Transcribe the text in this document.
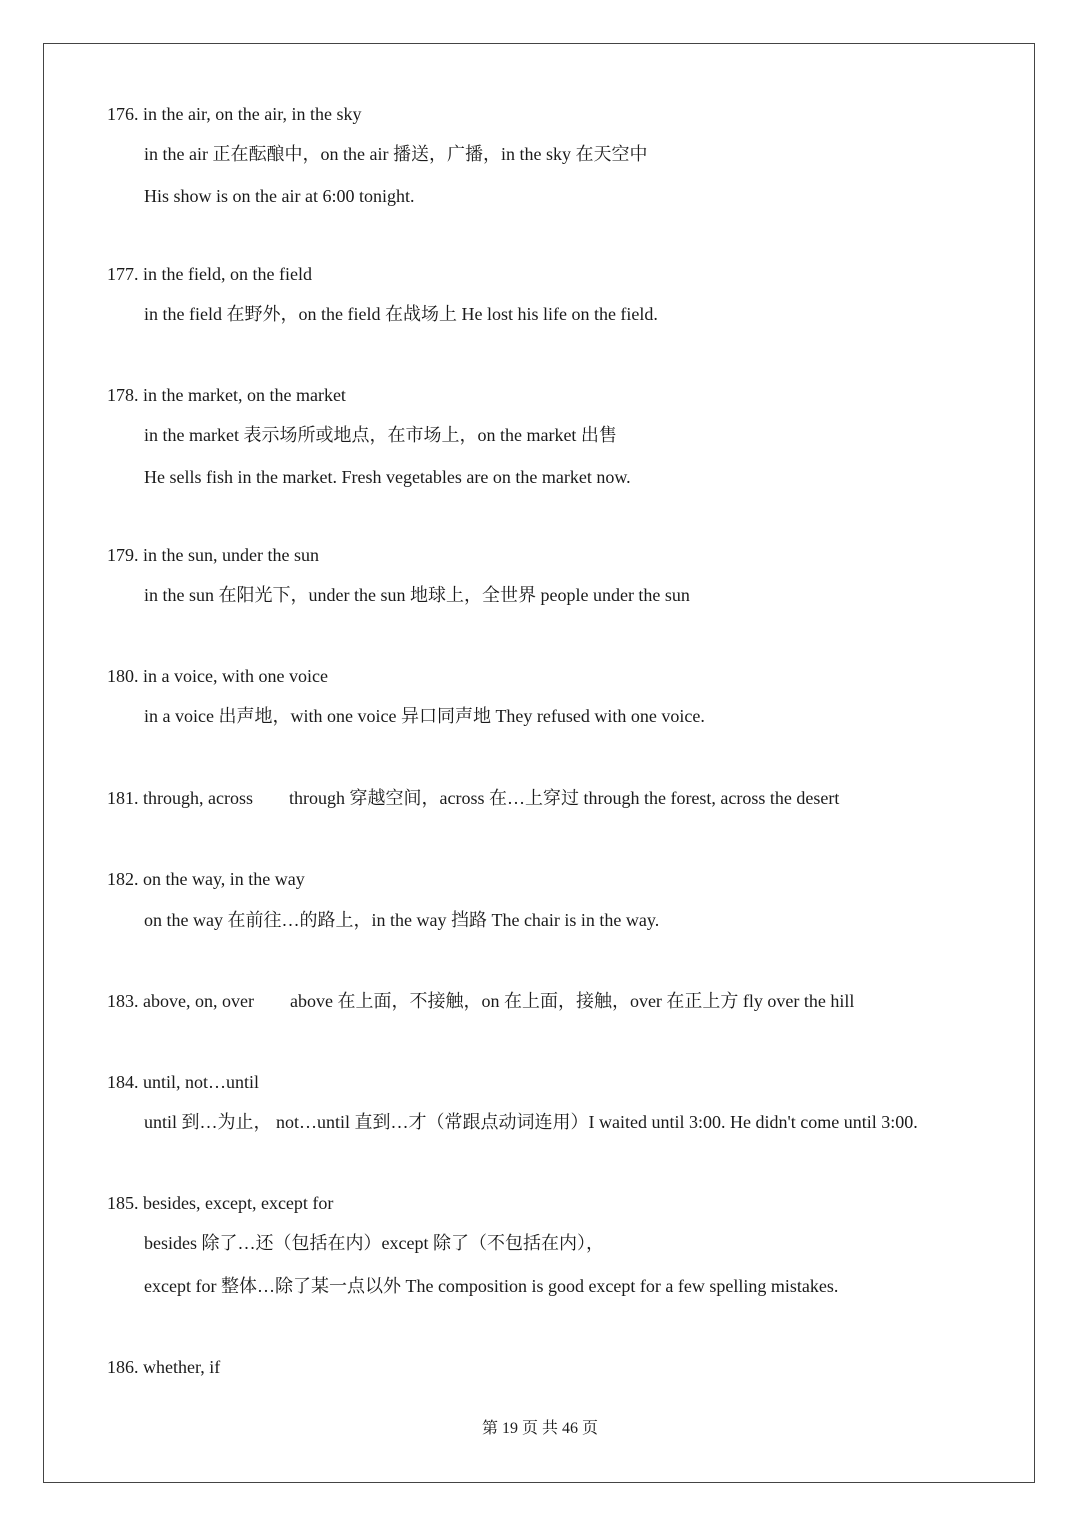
176. in the air, on the air, in the sky
in the air 正在酝酿中，on the air 播送，广播，in the sky 在天空中
His show is on the air at 6:00 tonight.
177. in the field, on the field
in the field 在野外，on the field 在战场上 He lost his life on the field.
178. in the market, on the market
in the market 表示场所或地点，在市场上，on the market 出售
He sells fish in the market. Fresh vegetables are on the market now.
179. in the sun, under the sun
in the sun 在阳光下，under the sun 地球上，全世界 people under the sun
180. in a voice, with one voice
in a voice 出声地，with one voice 异口同声地 They refused with one voice.
181. through, across through 穿越空间，across 在…上穿过 through the forest, across the desert
182. on the way, in the way
on the way 在前往…的路上，in the way 挡路 The chair is in the way.
183. above, on, over above 在上面，不接触，on 在上面，接触，over 在正上方 fly over the hill
184. until, not…until
until 到…为止， not…until 直到…才（常跟点动词连用）I waited until 3:00. He didn't come until 3:00.
185. besides, except, except for
besides 除了…还（包括在内）except 除了（不包括在内），
except for 整体…除了某一点以外 The composition is good except for a few spelling mistakes.
186. whether, if
第 19 页 共 46 页
